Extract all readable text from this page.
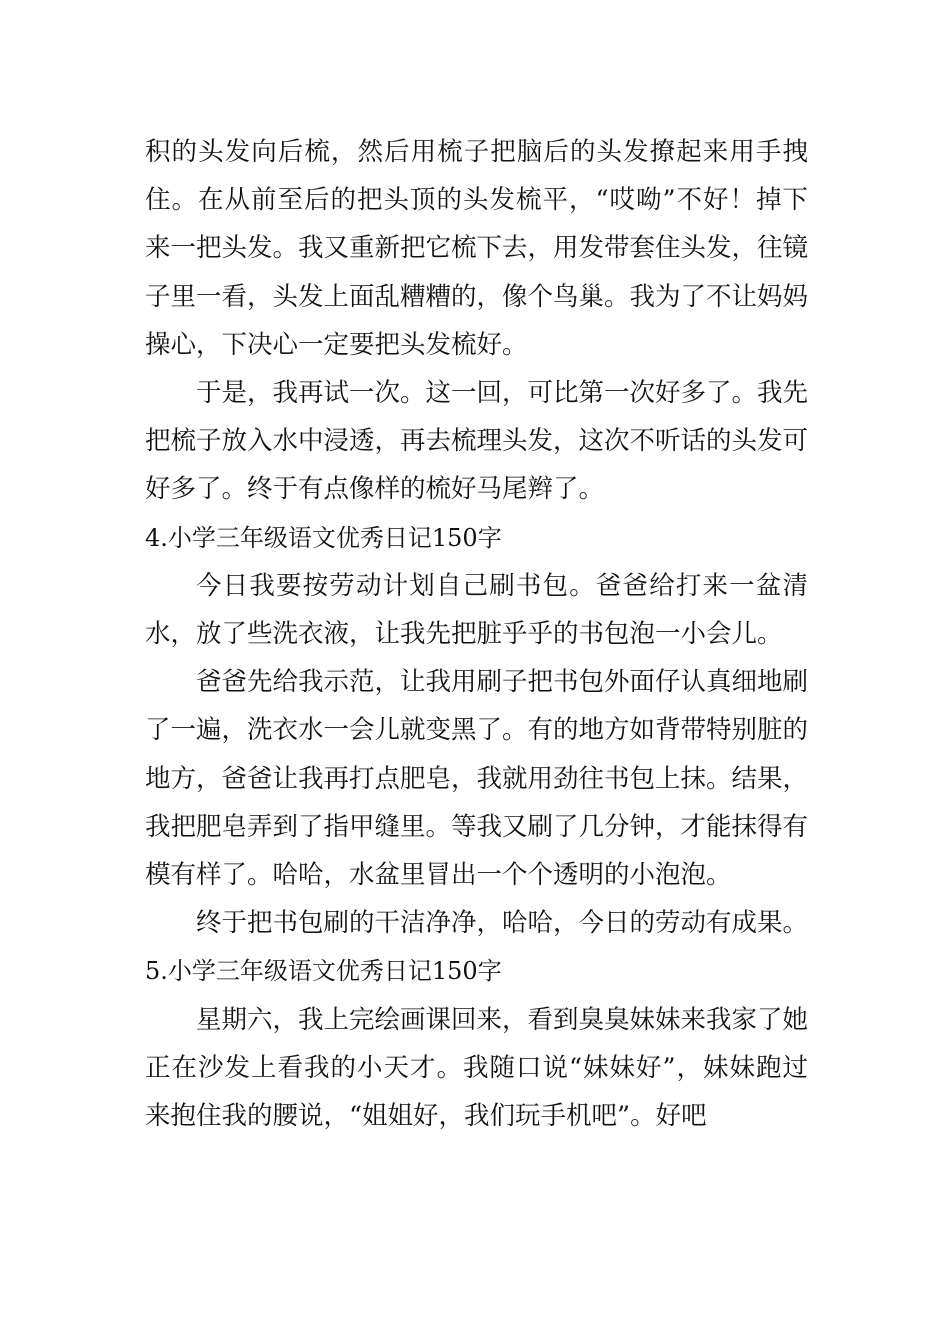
积的头发向后梳，然后用梳子把脑后的头发撩起来用手拽住。在从前至后的把头顶的头发梳平，“哎呦”不好！掉下来一把头发。我又重新把它梳下去，用发带套住头发，往镜子里一看，头发上面乱糟糟的，像个鸟巢。我为了不让妈妈操心，下决心一定要把头发梳好。

于是，我再试一次。这一回，可比第一次好多了。我先把梳子放入水中浸透，再去梳理头发，这次不听话的头发可好多了。终于有点像样的梳好马尾辫了。

4.小学三年级语文优秀日记150字

今日我要按劳动计划自己刷书包。爸爸给打来一盆清水，放了些洗衣液，让我先把脏乎乎的书包泡一小会儿。

爸爸先给我示范，让我用刷子把书包外面仔认真细地刷了一遍，洗衣水一会儿就变黑了。有的地方如背带特别脏的地方，爸爸让我再打点肥皂，我就用劲往书包上抹。结果，我把肥皂弄到了指甲缝里。等我又刷了几分钟，才能抹得有模有样了。哈哈，水盆里冒出一个个透明的小泡泡。

终于把书包刷的干洁净净，哈哈，今日的劳动有成果。

5.小学三年级语文优秀日记150字

星期六，我上完绘画课回来，看到臭臭妹妹来我家了她正在沙发上看我的小天才。我随口说“妹妹好”，妹妹跑过来抱住我的腰说，“姐姐好，我们玩手机吧”。好吧
